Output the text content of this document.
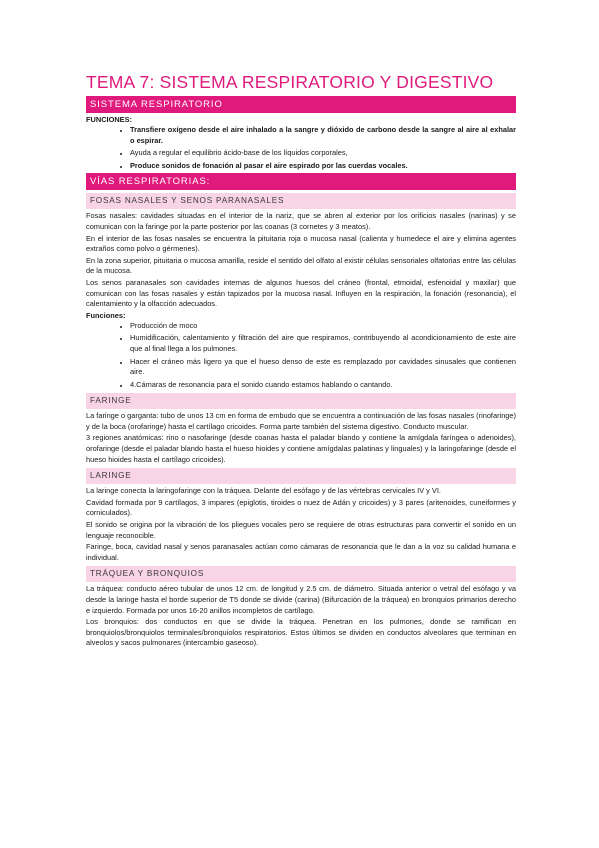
TEMA 7: SISTEMA RESPIRATORIO Y DIGESTIVO
SISTEMA RESPIRATORIO
FUNCIONES:
• Transfiere oxígeno desde el aire inhalado a la sangre y dióxido de carbono desde la sangre al aire al exhalar o espirar.
• Ayuda a regular el equilibrio ácido-base de los líquidos corporales,
• Produce sonidos de fonación al pasar el aire espirado por las cuerdas vocales.
VÍAS RESPIRATORIAS:
FOSAS NASALES Y SENOS PARANASALES

Fosas nasales: cavidades situadas en el interior de la nariz, que se abren al exterior por los orificios nasales (narinas) y se comunican con la faringe por la parte posterior por las coanas (3 cornetes y 3 meatos).

En el interior de las fosas nasales se encuentra la pituitaria roja o mucosa nasal (calienta y humedece el aire y elimina agentes extraños como polvo o gérmenes).

En la zona superior, pituitaria o mucosa amarilla, reside el sentido del olfato al existir células sensoriales olfatorias entre las células de la mucosa.

Los senos paranasales son cavidades internas de algunos huesos del cráneo (frontal, etmoidal, esfenoidal y maxilar) que comunican con las fosas nasales y están tapizados por la mucosa nasal. Influyen en la respiración, la fonación (resonancia), el calentamiento y la olfacción adecuados.

Funciones:
• Producción de moco
• Humidificación, calentamiento y filtración del aire que respiramos, contribuyendo al acondicionamiento de este aire que al final llega a los pulmones.
• Hacer el cráneo más ligero ya que el hueso denso de este es remplazado por cavidades sinusales que contienen aire.
• 4.Cámaras de resonancia para el sonido cuando estamos hablando o cantando.
FARINGE

La faringe o garganta: tubo de unos 13 cm en forma de embudo que se encuentra a continuación de las fosas nasales (rinofaringe) y de la boca (orofaringe) hasta el cartílago cricoides. Forma parte también del sistema digestivo. Conducto muscular.

3 regiones anatómicas: rino o nasofaringe (desde coanas hasta el paladar blando y contiene la amígdala faríngea o adenoides), orofaringe (desde el paladar blando hasta el hueso hioides y contiene amígdalas palatinas y linguales) y la laringofaringe (desde el hueso hioides hasta el cartílago cricoides).

LARINGE

La laringe conecta la laringofaringe con la tráquea. Delante del esófago y de las vértebras cervicales IV y VI.

Cavidad formada por 9 cartílagos, 3 impares (epiglotis, tiroides o nuez de Adán y cricoides) y 3 pares (aritenoides, cuneiformes y corniculados).

El sonido se origina por la vibración de los pliegues vocales pero se requiere de otras estructuras para convertir el sonido en un lenguaje reconocible.

Faringe, boca, cavidad nasal y senos paranasales actúan como cámaras de resonancia que le dan a la voz su calidad humana e individual.

TRÁQUEA Y BRONQUIOS

La tráquea: conducto aéreo tubular de unos 12 cm. de longitud y 2.5 cm. de diámetro. Situada anterior o vetral del esófago y va desde la laringe hasta el borde superior de T5 donde se divide (carina) (Bifurcación de la tráquea) en bronquios primarios derecho e izquierdo. Formada por unos 16-20 anillos incompletos de cartílago.

Los bronquios: dos conductos en que se divide la tráquea. Penetran en los pulmones, donde se ramifican en bronquiolos/bronquiolos terminales/bronquiolos respiratorios. Estos últimos se dividen en conductos alveolares que terminan en alveolos y sacos pulmonares (intercambio gaseoso).
